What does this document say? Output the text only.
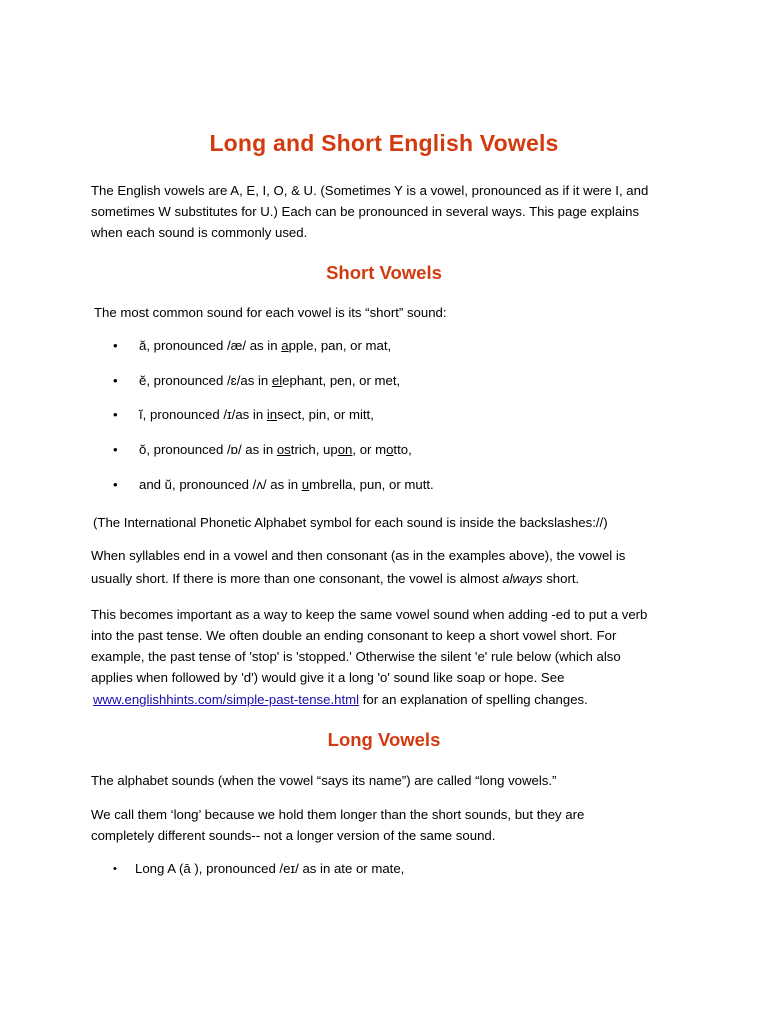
Long and Short English Vowels
The English vowels are A, E, I, O, & U. (Sometimes Y is a vowel, pronounced as if it were I, and
sometimes W substitutes for U.) Each can be pronounced in several ways. This page explains
when each sound is commonly used.
Short Vowels
The most common sound for each vowel is its “short” sound:
• ă, pronounced /æ/ as in apple, pan, or mat,
• ĕ, pronounced /ɛ/as in elephant, pen, or met,
• ĭ, pronounced /ɪ/as in insect, pin, or mitt,
• ŏ, pronounced /ɒ/ as in ostrich, upon, or motto,
• and ŭ, pronounced /ʌ/ as in umbrella, pun, or mutt.
(The International Phonetic Alphabet symbol for each sound is inside the backslashes://)
When syllables end in a vowel and then consonant (as in the examples above), the vowel is
usually short. If there is more than one consonant, the vowel is almost always short.
This becomes important as a way to keep the same vowel sound when adding -ed to put a verb
into the past tense. We often double an ending consonant to keep a short vowel short. For
example, the past tense of 'stop' is 'stopped.' Otherwise the silent 'e' rule below (which also
applies when followed by 'd') would give it a long 'o' sound like soap or hope. See
www.englishhints.com/simple-past-tense.html for an explanation of spelling changes.
Long Vowels
The alphabet sounds (when the vowel “says its name”) are called “long vowels.”
We call them ‘long’ because we hold them longer than the short sounds, but they are
completely different sounds-- not a longer version of the same sound.
• Long A (ā ), pronounced /eɪ/ as in ate or mate,
